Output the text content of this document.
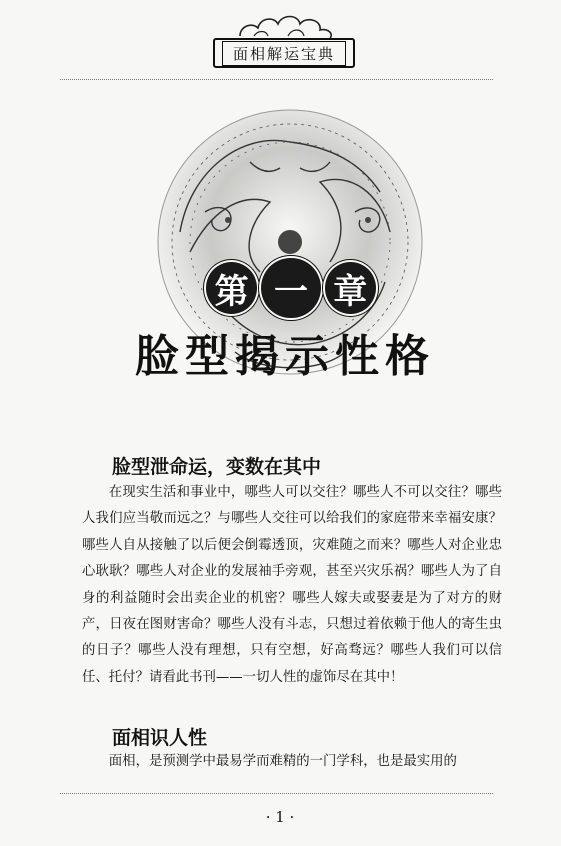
面相解运宝典
第 一 章
脸型揭示性格
脸型泄命运，变数在其中

在现实生活和事业中，哪些人可以交往？哪些人不可以交往？哪些人我们应当敬而远之？与哪些人交往可以给我们的家庭带来幸福安康？哪些人自从接触了以后便会倒霉透顶，灾难随之而来？哪些人对企业忠心耿耿？哪些人对企业的发展袖手旁观，甚至兴灾乐祸？哪些人为了自身的利益随时会出卖企业的机密？哪些人嫁夫或娶妻是为了对方的财产，日夜在图财害命？哪些人没有斗志，只想过着依赖于他人的寄生虫的日子？哪些人没有理想，只有空想，好高骛远？哪些人我们可以信任、托付？请看此书刊——一切人性的虚饰尽在其中！

面相识人性

面相，是预测学中最易学而难精的一门学科，也是最实用的

· 1 ·
